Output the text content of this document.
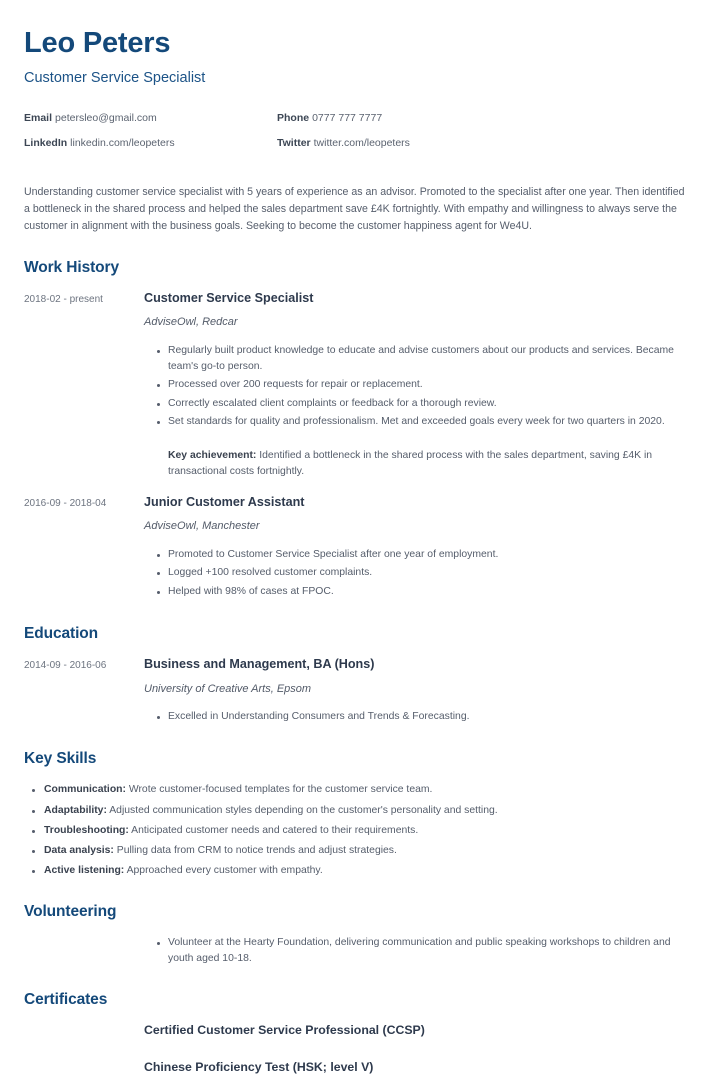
Leo Peters
Customer Service Specialist
Email petersleo@gmail.com	Phone 0777 777 7777
LinkedIn linkedin.com/leopeters	Twitter twitter.com/leopeters

Understanding customer service specialist with 5 years of experience as an advisor. Promoted to the specialist after one year. Then identified a bottleneck in the shared process and helped the sales department save £4K fortnightly. With empathy and willingness to always serve the customer in alignment with the business goals. Seeking to become the customer happiness agent for We4U.

Work History
2018-02 - present	Customer Service Specialist
AdviseOwl, Redcar
Regularly built product knowledge to educate and advise customers about our products and services. Became team's go-to person.
Processed over 200 requests for repair or replacement.
Correctly escalated client complaints or feedback for a thorough review.
Set standards for quality and professionalism. Met and exceeded goals every week for two quarters in 2020.

Key achievement: Identified a bottleneck in the shared process with the sales department, saving £4K in transactional costs fortnightly.

2016-09 - 2018-04	Junior Customer Assistant
AdviseOwl, Manchester
Promoted to Customer Service Specialist after one year of employment.
Logged +100 resolved customer complaints.
Helped with 98% of cases at FPOC.
Education
2014-09 - 2016-06	Business and Management, BA (Hons)
University of Creative Arts, Epsom
Excelled in Understanding Consumers and Trends & Forecasting.
Key Skills
Communication: Wrote customer-focused templates for the customer service team.
Adaptability: Adjusted communication styles depending on the customer's personality and setting.
Troubleshooting: Anticipated customer needs and catered to their requirements.
Data analysis: Pulling data from CRM to notice trends and adjust strategies.
Active listening: Approached every customer with empathy.
Volunteering
Volunteer at the Hearty Foundation, delivering communication and public speaking workshops to children and youth aged 10-18.
Certificates
Certified Customer Service Professional (CCSP)
Chinese Proficiency Test (HSK; level V)
